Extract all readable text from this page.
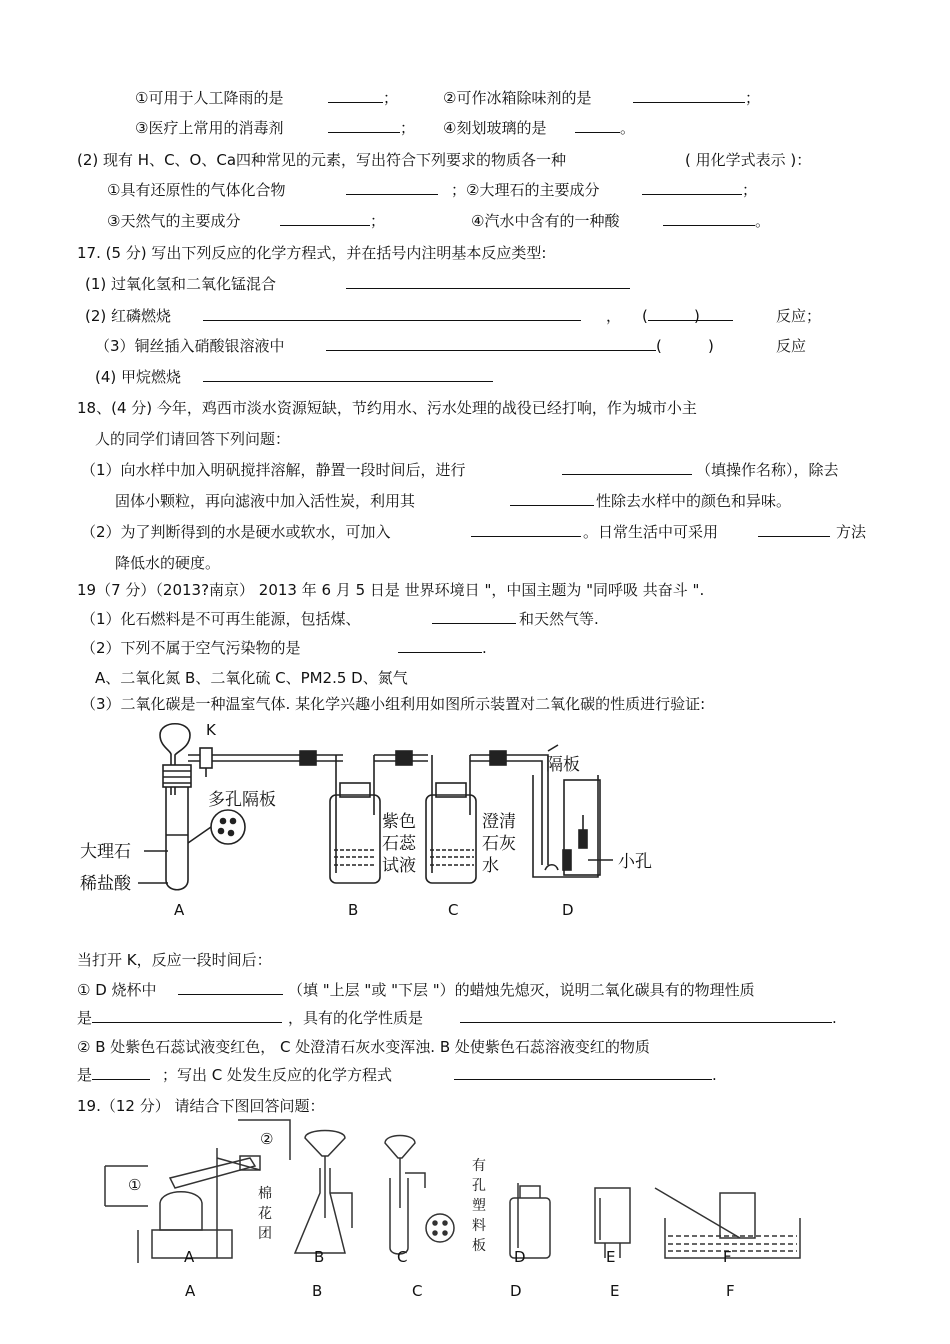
①可用于人工降雨的是	；	②可作冰箱除味剂的是	；
③医疗上常用的消毒剂	； ④刻划玻璃的是	。
(2) 现有 H、C、O、Ca四种常见的元素，写出符合下列要求的物质各一种	( 用化学式表示 )：
①具有还原性的气体化合物	；②大理石的主要成分	；
③天然气的主要成分	；	④汽水中含有的一种酸	。
17. (5 分) 写出下列反应的化学方程式，并在括号内注明基本反应类型:
(1) 过氧化氢和二氧化锰混合
(2) 红磷燃烧	， (	)	反应；
（3）铜丝插入硝酸银溶液中	(	)	反应
(4) 甲烷燃烧
18、(4 分) 今年，鸡西市淡水资源短缺，节约用水、污水处理的战役已经打响，作为城市小主
人的同学们请回答下列问题：
（1）向水样中加入明矾搅拌溶解，静置一段时间后，进行	（填操作名称），除去
固体小颗粒，再向滤液中加入活性炭，利用其	性除去水样中的颜色和异味。
（2）为了判断得到的水是硬水或软水，可加入	。日常生活中可采用	方法
降低水的硬度。
19（7 分）（2013?南京） 2013 年 6 月 5 日是 世界环境日 "，中国主题为 "同呼吸 共奋斗 ".
（1）化石燃料是不可再生能源，包括煤、	和天然气等.
（2）下列不属于空气污染物的是	.
A、二氧化氮 B、二氧化硫 C、PM2.5 D、氮气
（3）二氧化碳是一种温室气体. 某化学兴趣小组利用如图所示装置对二氧化碳的性质进行验证:
K
多孔隔板
大理石
稀盐酸
紫色石蕊试液
澄清石灰水
隔板
小孔
A	B	C	D
当打开 K，反应一段时间后：
① D 烧杯中	（填 "上层 "或 "下层 "）的蜡烛先熄灭，说明二氧化碳具有的物理性质
是	，具有的化学性质是	.
② B 处紫色石蕊试液变红色， C 处澄清石灰水变浑浊. B 处使紫色石蕊溶液变红的物质
是	；写出 C 处发生反应的化学方程式	.
19.（12 分） 请结合下图回答问题：
①
②
棉花团
有孔塑料板
A	B	C	D	E	F
A	B	C	D	E	F
